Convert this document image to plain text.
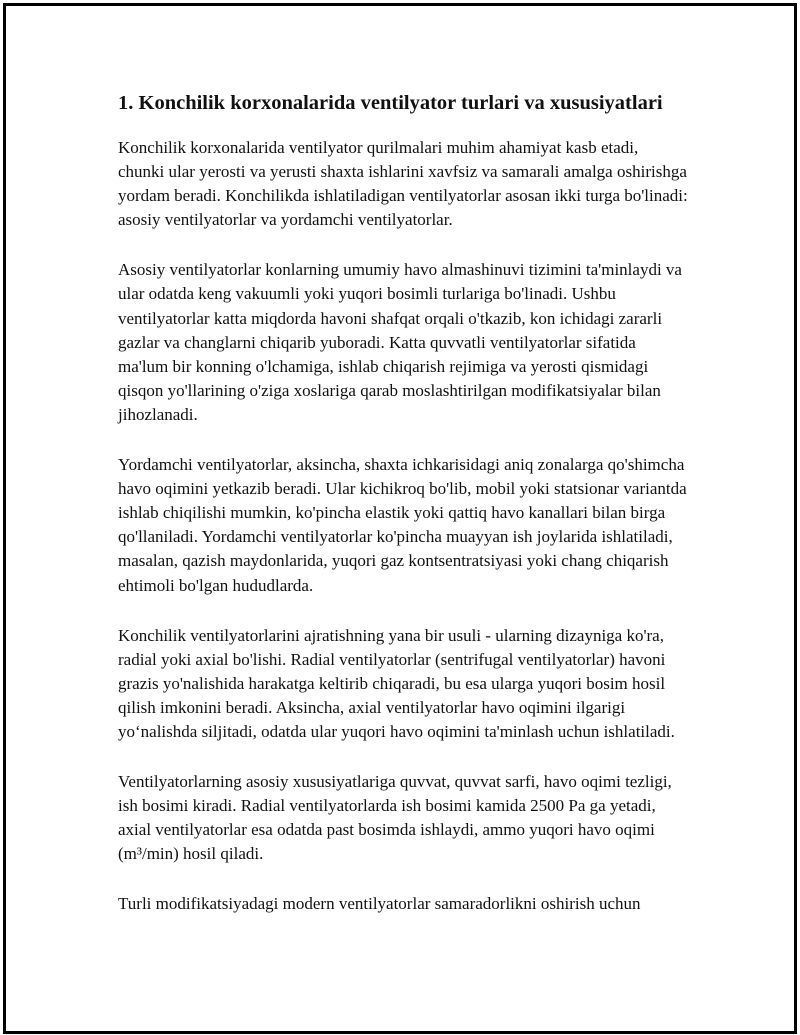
1. Konchilik korxonalarida ventilyator turlari va xususiyatlari

Konchilik korxonalarida ventilyator qurilmalari muhim ahamiyat kasb etadi, chunki ular yerosti va yerusti shaxta ishlarini xavfsiz va samarali amalga oshirishga yordam beradi. Konchilikda ishlatiladigan ventilyatorlar asosan ikki turga bo'linadi: asosiy ventilyatorlar va yordamchi ventilyatorlar.

Asosiy ventilyatorlar konlarning umumiy havo almashinuvi tizimini ta'minlaydi va ular odatda keng vakuumli yoki yuqori bosimli turlariga bo'linadi. Ushbu ventilyatorlar katta miqdorda havoni shafqat orqali o'tkazib, kon ichidagi zararli gazlar va changlarni chiqarib yuboradi. Katta quvvatli ventilyatorlar sifatida ma'lum bir konning o'lchamiga, ishlab chiqarish rejimiga va yerosti qismidagi qisqon yo'llarining o'ziga xoslariga qarab moslashtirilgan modifikatsiyalar bilan jihozlanadi.

Yordamchi ventilyatorlar, aksincha, shaxta ichkarisidagi aniq zonalarga qo'shimcha havo oqimini yetkazib beradi. Ular kichikroq bo'lib, mobil yoki statsionar variantda ishlab chiqilishi mumkin, ko'pincha elastik yoki qattiq havo kanallari bilan birga qo'llaniladi. Yordamchi ventilyatorlar ko'pincha muayyan ish joylarida ishlatiladi, masalan, qazish maydonlarida, yuqori gaz kontsentratsiyasi yoki chang chiqarish ehtimoli bo'lgan hududlarda.

Konchilik ventilyatorlarini ajratishning yana bir usuli - ularning dizayniga ko'ra, radial yoki axial bo'lishi. Radial ventilyatorlar (sentrifugal ventilyatorlar) havoni grazis yo'nalishida harakatga keltirib chiqaradi, bu esa ularga yuqori bosim hosil qilish imkonini beradi. Aksincha, axial ventilyatorlar havo oqimini ilgarigi yo‘nalishda siljitadi, odatda ular yuqori havo oqimini ta'minlash uchun ishlatiladi.

Ventilyatorlarning asosiy xususiyatlariga quvvat, quvvat sarfi, havo oqimi tezligi, ish bosimi kiradi. Radial ventilyatorlarda ish bosimi kamida 2500 Pa ga yetadi, axial ventilyatorlar esa odatda past bosimda ishlaydi, ammo yuqori havo oqimi (m³/min) hosil qiladi.

Turli modifikatsiyadagi modern ventilyatorlar samaradorlikni oshirish uchun
